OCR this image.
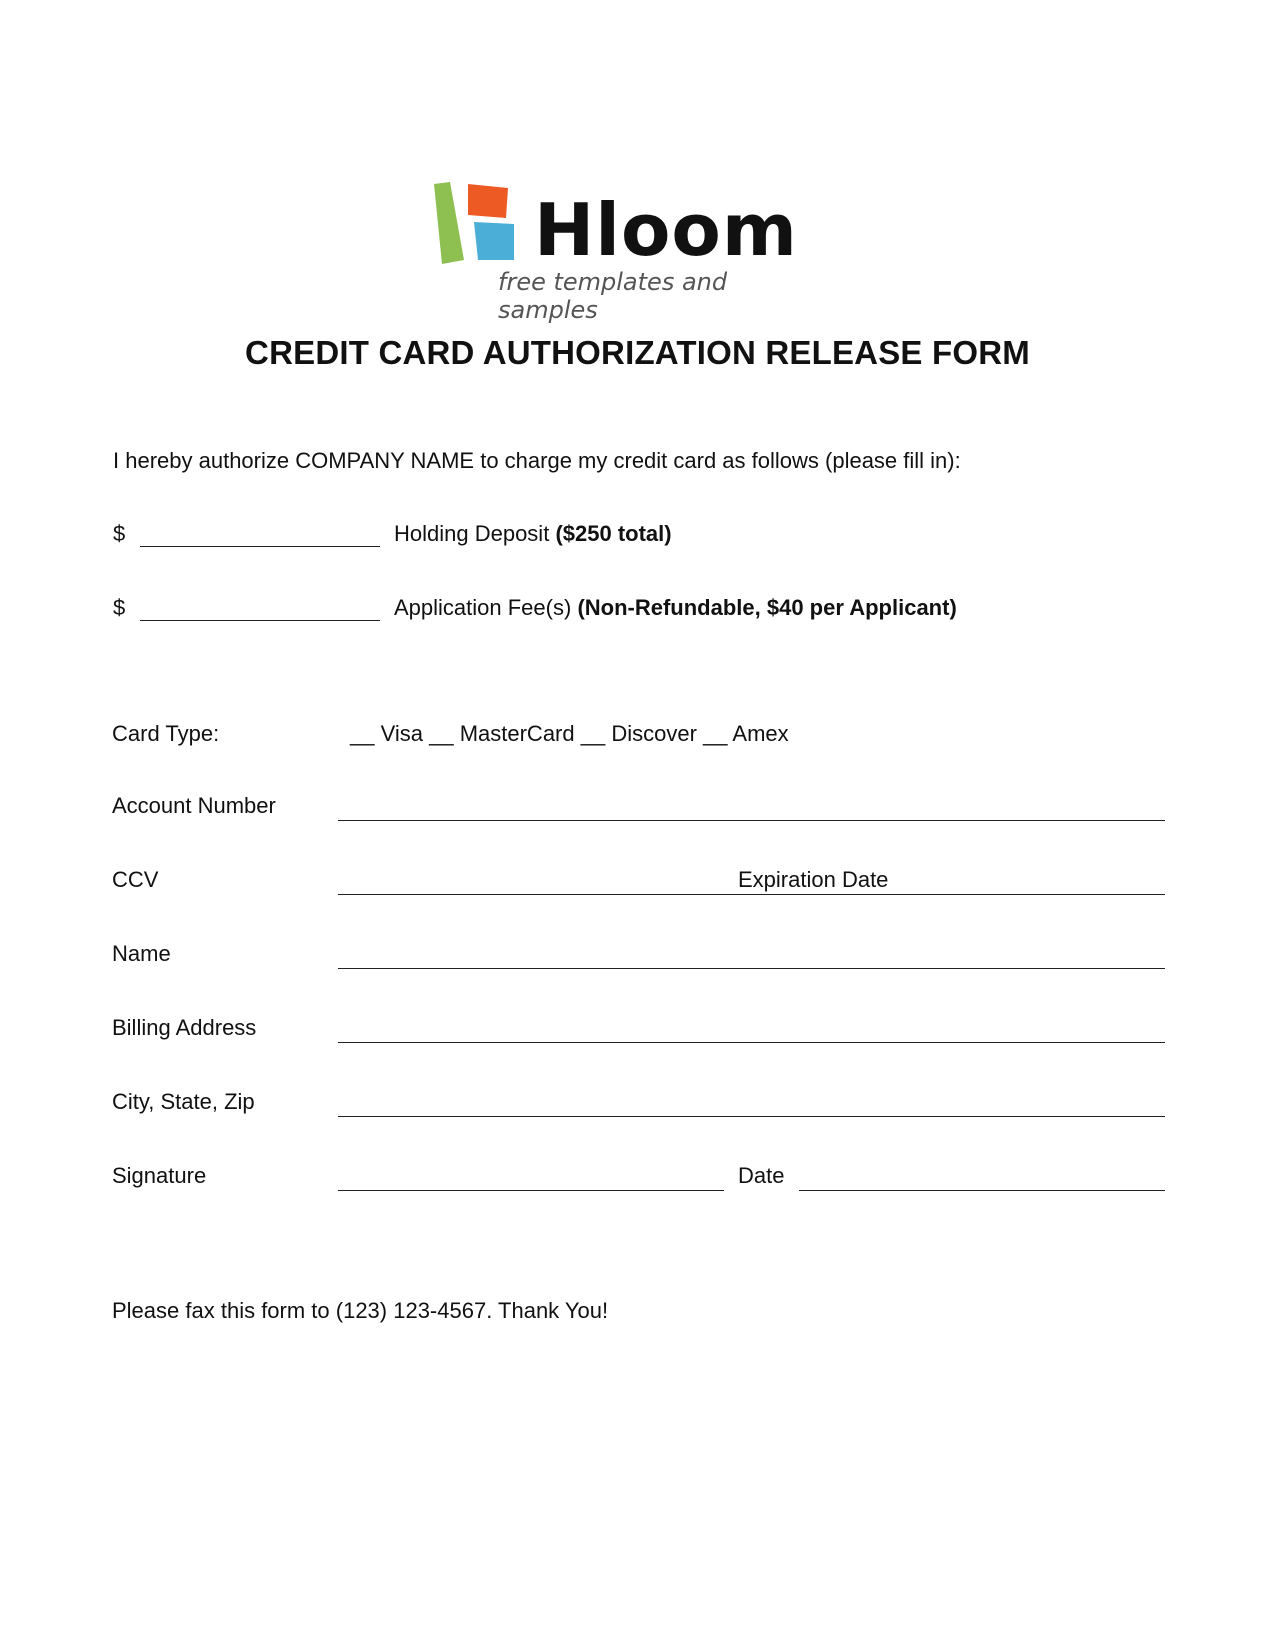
Hloom
free templates and samples
CREDIT CARD AUTHORIZATION RELEASE FORM
I hereby authorize COMPANY NAME to charge my credit card as follows (please fill in):
$	Holding Deposit ($250 total)
$	Application Fee(s) (Non-Refundable, $40 per Applicant)
Card Type:	__ Visa __ MasterCard __ Discover __ Amex
Account Number
CCV	Expiration Date
Name
Billing Address
City, State, Zip
Signature	Date
Please fax this form to (123) 123-4567. Thank You!
